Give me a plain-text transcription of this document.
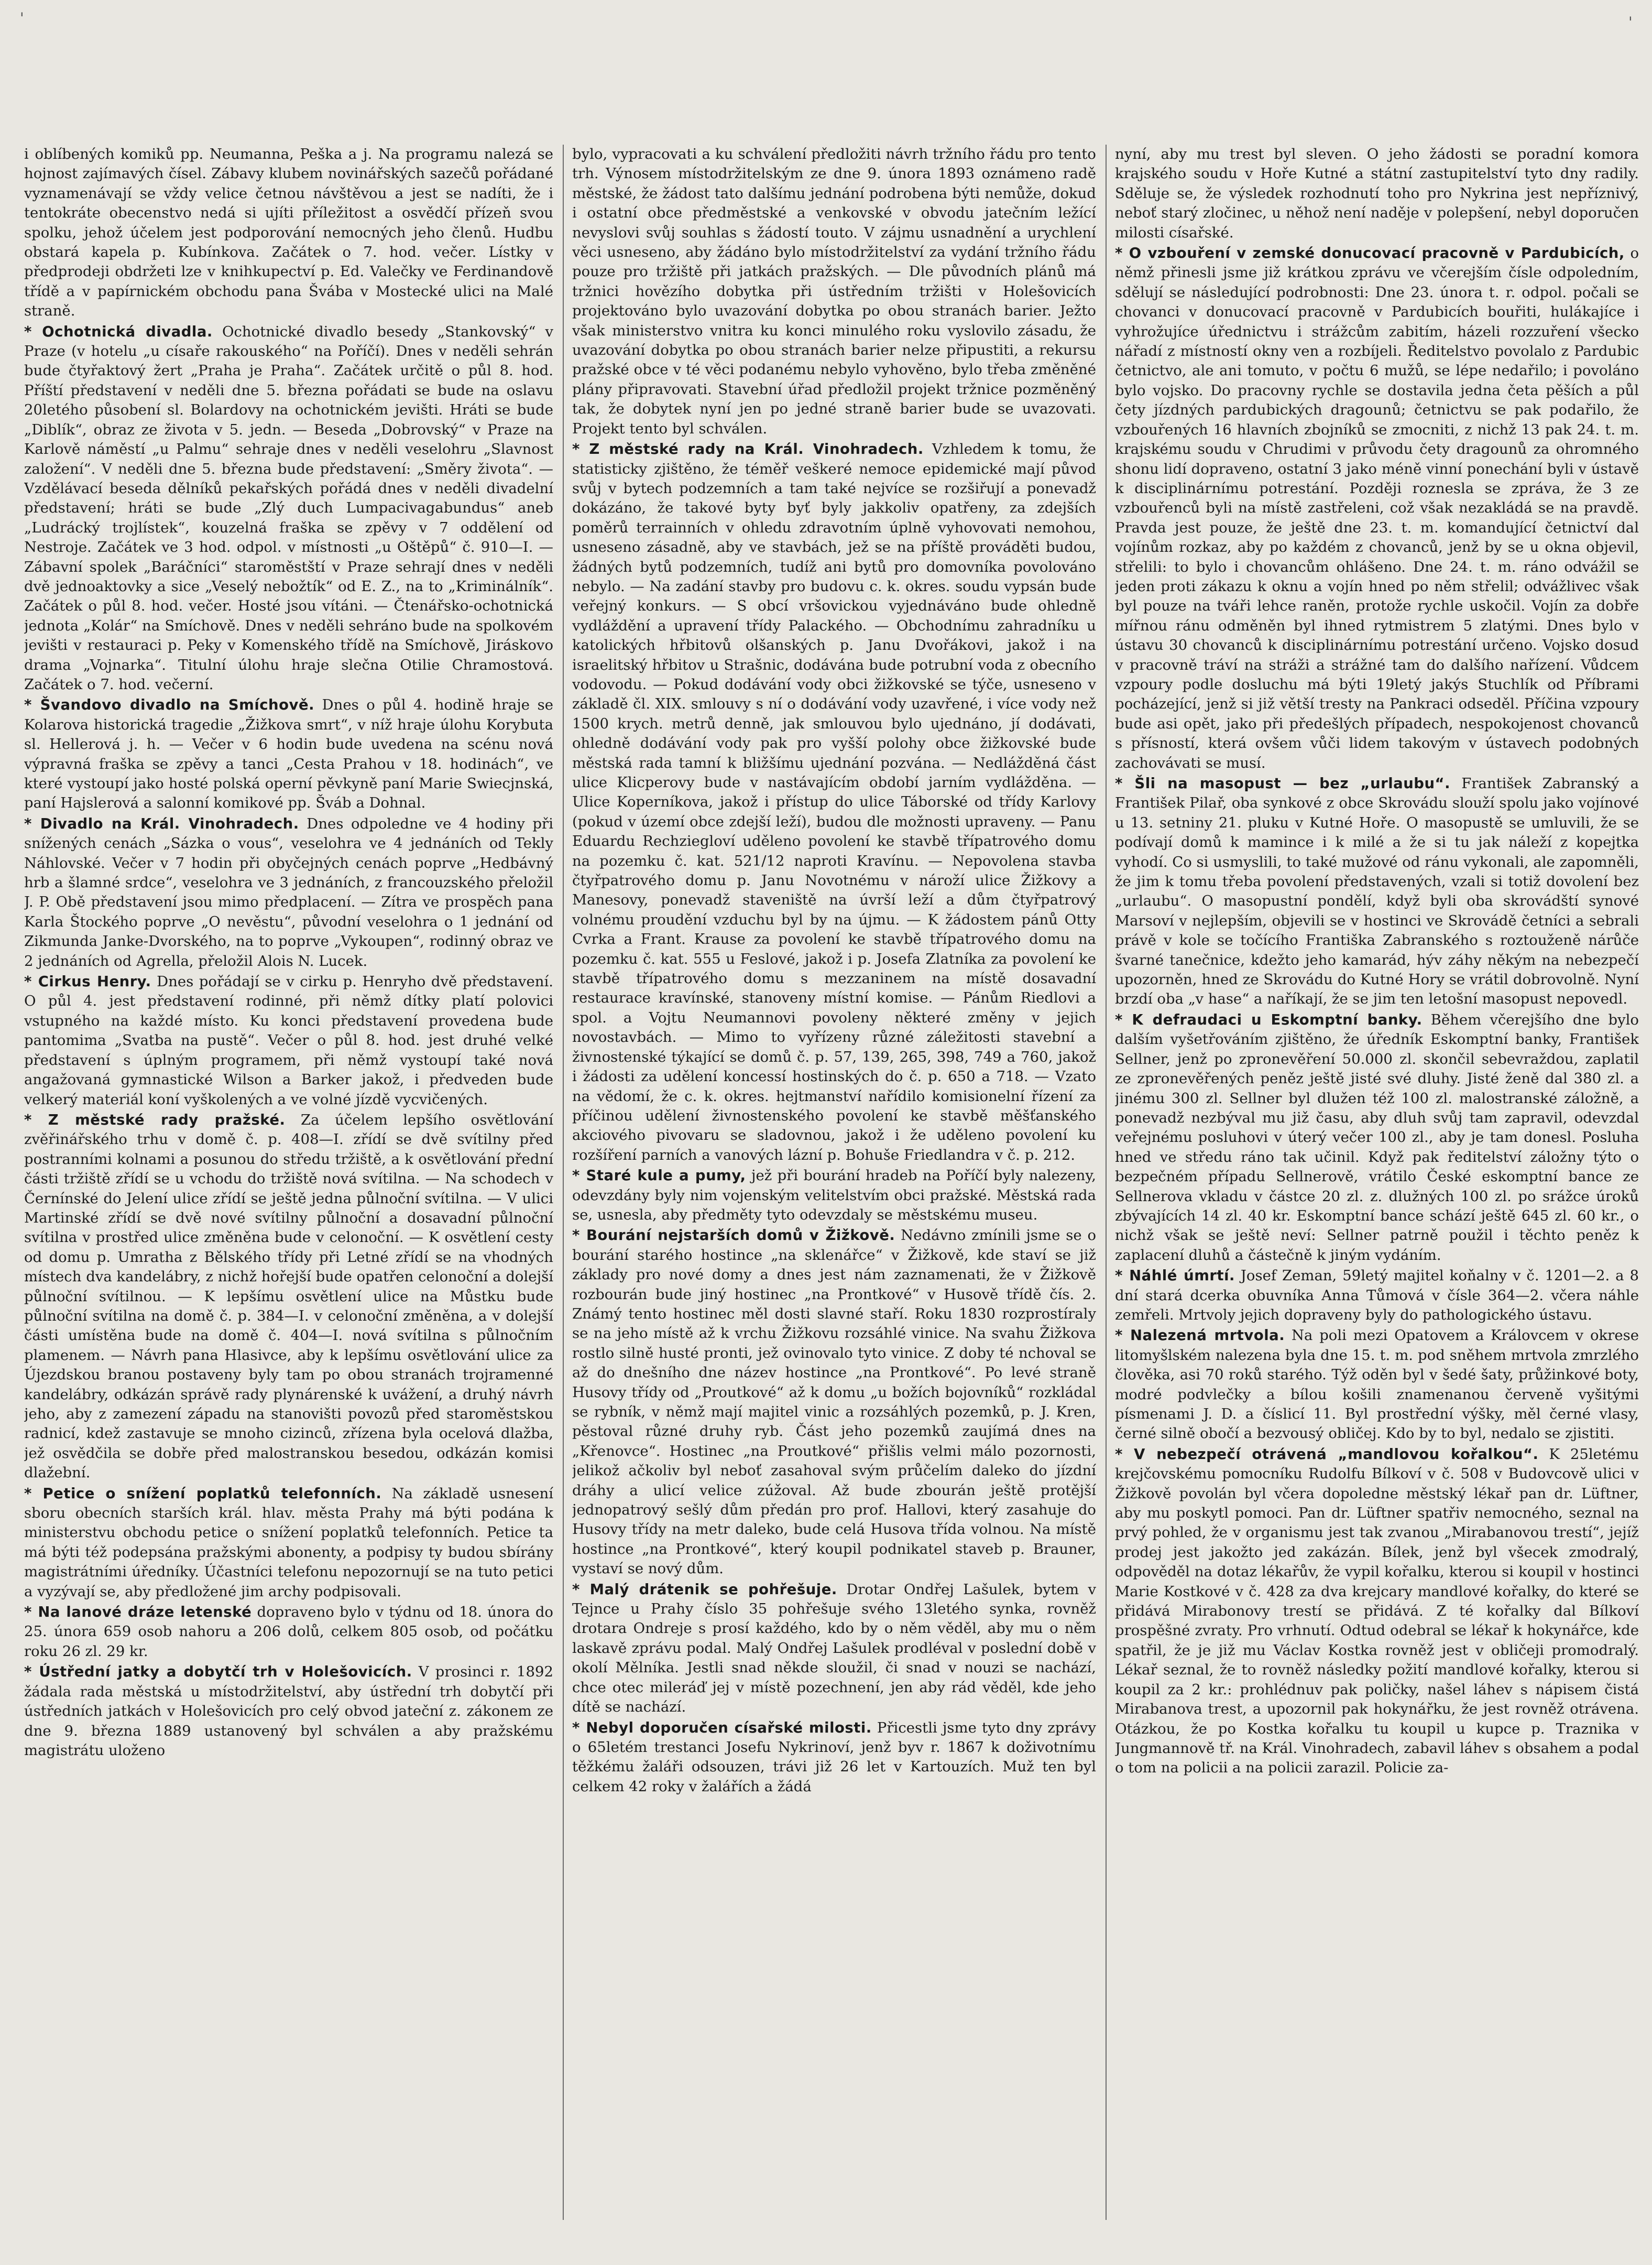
​'	​'

i oblíbených komiků pp. Neumanna, Peška a j. Na programu nalezá se hojnost zajímavých čísel. Zábavy klubem novinářských sazečů pořádané vyznamenávají se vždy velice četnou návštěvou a jest se nadíti, že i tentokráte obecenstvo nedá si ujíti příležitost a osvědčí přízeň svou spolku, jehož účelem jest podporování nemocných jeho členů. Hudbu obstará kapela p. Kubínkova. Začátek o 7. hod. večer. Lístky v předprodeji obdržeti lze v knihkupectví p. Ed. Valečky ve Ferdinandově třídě a v papírnickém obchodu pana Švába v Mostecké ulici na Malé straně.

* Ochotnická divadla. Ochotnické divadlo besedy „Stankovský“ v Praze (v hotelu „u císaře rakouského“ na Poříčí). Dnes v neděli sehrán bude čtyřaktový žert „Praha je Praha“. Začátek určitě o půl 8. hod. Příští představení v neděli dne 5. března pořádati se bude na oslavu 20letého působení sl. Bolardovy na ochotnickém jevišti. Hráti se bude „Diblík“, obraz ze života v 5. jedn. — Beseda „Dobrovský“ v Praze na Karlově náměstí „u Palmu“ sehraje dnes v neděli veselohru „Slavnost založení“. V neděli dne 5. března bude představení: „Směry života“. — Vzdělávací beseda dělníků pekařských pořádá dnes v neděli divadelní představení; hráti se bude „Zlý duch Lumpacivagabundus“ aneb „Ludrácký trojlístek“, kouzelná fraška se zpěvy v 7 oddělení od Nestroje. Začátek ve 3 hod. odpol. v místnosti „u Oštěpů“ č. 910—I. — Zábavní spolek „Baráčníci“ staroměstští v Praze sehrají dnes v neděli dvě jednoaktovky a sice „Veselý nebožtík“ od E. Z., na to „Kriminálník“. Začátek o půl 8. hod. večer. Hosté jsou vítáni. — Čtenářsko-ochotnická jednota „Kolár“ na Smíchově. Dnes v neděli sehráno bude na spolkovém jevišti v restauraci p. Peky v Komenského třídě na Smíchově, Jiráskovo drama „Vojnarka“. Titulní úlohu hraje slečna Otilie Chramostová. Začátek o 7. hod. večerní.

* Švandovo divadlo na Smíchově. Dnes o půl 4. hodině hraje se Kolarova historická tragedie „Žižkova smrt“, v níž hraje úlohu Korybuta sl. Hellerová j. h. — Večer v 6 hodin bude uvedena na scénu nová výpravná fraška se zpěvy a tanci „Cesta Prahou v 18. hodinách“, ve které vystoupí jako hosté polská operní pěvkyně paní Marie Swiecjnská, paní Hajslerová a salonní komikové pp. Šváb a Dohnal.

* Divadlo na Král. Vinohradech. Dnes odpoledne ve 4 hodiny při snížených cenách „Sázka o vous“, veselohra ve 4 jednáních od Tekly Náhlovské. Večer v 7 hodin při obyčejných cenách poprve „Hedbávný hrb a šlamné srdce“, veselohra ve 3 jednáních, z francouzského přeložil J. P. Obě představení jsou mimo předplacení. — Zítra ve prospěch pana Karla Štockého poprve „O nevěstu“, původní veselohra o 1 jednání od Zikmunda Janke-Dvorského, na to poprve „Vykoupen“, rodinný obraz ve 2 jednáních od Agrella, přeložil Alois N. Lucek.

* Cirkus Henry. Dnes pořádají se v cirku p. Henryho dvě představení. O půl 4. jest představení rodinné, při němž dítky platí polovici vstupného na každé místo. Ku konci představení provedena bude pantomima „Svatba na pustě“. Večer o půl 8. hod. jest druhé velké představení s úplným programem, při němž vystoupí také nová angažovaná gymnastické Wilson a Barker jakož, i předveden bude velkerý materiál koní vyškolených a ve volné jízdě vycvičených.

* Z městské rady pražské. Za účelem lepšího osvětlování zvěřinářského trhu v domě č. p. 408—I. zřídí se dvě svítilny před postranními kolnami a posunou do středu tržiště, a k osvětlování přední části tržiště zřídí se u vchodu do tržiště nová svítilna. — Na schodech v Černínské do Jelení ulice zřídí se ještě jedna půlnoční svítilna. — V ulici Martinské zřídí se dvě nové svítilny půlnoční a dosavadní půlnoční svítilna v prostřed ulice změněna bude v celonoční. — K osvětlení cesty od domu p. Umratha z Bělského třídy při Letné zřídí se na vhodných místech dva kandelábry, z nichž hořejší bude opatřen celonoční a dolejší půlnoční svítilnou. — K lepšímu osvětlení ulice na Můstku bude půlnoční svítilna na domě č. p. 384—I. v celonoční změněna, a v dolejší části umístěna bude na domě č. 404—I. nová svítilna s půlnočním plamenem. — Návrh pana Hlasivce, aby k lepšímu osvětlování ulice za Újezdskou branou postaveny byly tam po obou stranách trojramenné kandelábry, odkázán správě rady plynárenské k uvážení, a druhý návrh jeho, aby z zamezení západu na stanovišti povozů před staroměstskou radnicí, kdež zastavuje se mnoho cizinců, zřízena byla ocelová dlažba, jež osvědčila se dobře před malostranskou besedou, odkázán komisi dlažební.

* Petice o snížení poplatků telefonních. Na základě usnesení sboru obecních starších král. hlav. města Prahy má býti podána k ministerstvu obchodu petice o snížení poplatků telefonních. Petice ta má býti též podepsána pražskými abonenty, a podpisy ty budou sbírány magistrátními úředníky. Účastníci telefonu nepozornují se na tuto petici a vyzývají se, aby předložené jim archy podpisovali.

* Na lanové dráze letenské dopraveno bylo v týdnu od 18. února do 25. února 659 osob nahoru a 206 dolů, celkem 805 osob, od počátku roku 26 zl. 29 kr.

* Ústřední jatky a dobytčí trh v Holešovicích. V prosinci r. 1892 žádala rada městská u místodržitelství, aby ústřední trh dobytčí při ústředních jatkách v Holešovicích pro celý obvod jateční z. zákonem ze dne 9. března 1889 ustanovený byl schválen a aby pražskému magistrátu uloženo

bylo, vypracovati a ku schválení předložiti návrh tržního řádu pro tento trh. Výnosem místodržitelským ze dne 9. února 1893 oznámeno radě městské, že žádost tato dalšímu jednání podrobena býti nemůže, dokud i ostatní obce předměstské a venkovské v obvodu jatečním ležící nevyslovi svůj souhlas s žádostí touto. V zájmu usnadnění a urychlení věci usneseno, aby žádáno bylo místodržitelství za vydání tržního řádu pouze pro tržiště při jatkách pražských. — Dle původních plánů má tržnici hovězího dobytka při ústředním tržišti v Holešovicích projektováno bylo uvazování dobytka po obou stranách barier. Ježto však ministerstvo vnitra ku konci minulého roku vyslovilo zásadu, že uvazování dobytka po obou stranách barier nelze připustiti, a rekursu pražské obce v té věci podanému nebylo vyhověno, bylo třeba změněné plány připravovati. Stavební úřad předložil projekt tržnice pozměněný tak, že dobytek nyní jen po jedné straně barier bude se uvazovati. Projekt tento byl schválen.

* Z městské rady na Král. Vinohradech. Vzhledem k tomu, že statisticky zjištěno, že téměř veškeré nemoce epidemické mají původ svůj v bytech podzemních a tam také nejvíce se rozšiřují a ponevadž dokázáno, že takové byty byť byly jakkoliv opatřeny, za zdejších poměrů terrainních v ohledu zdravotním úplně vyhovovati nemohou, usneseno zásadně, aby ve stavbách, jež se na příště prováděti budou, žádných bytů podzemních, tudíž ani bytů pro domovníka povolováno nebylo. — Na zadání stavby pro budovu c. k. okres. soudu vypsán bude veřejný konkurs. — S obcí vršovickou vyjednáváno bude ohledně vydláždění a upravení třídy Palackého. — Obchodnímu zahradníku u katolických hřbitovů olšanských p. Janu Dvořákovi, jakož i na israelitský hřbitov u Strašnic, dodávána bude potrubní voda z obecního vodovodu. — Pokud dodávání vody obci žižkovské se týče, usneseno v základě čl. XIX. smlouvy s ní o dodávání vody uzavřené, i více vody než 1500 krych. metrů denně, jak smlouvou bylo ujednáno, jí dodávati, ohledně dodávání vody pak pro vyšší polohy obce žižkovské bude městská rada tamní k bližšímu ujednání pozvána. — Nedlážděná část ulice Klicperovy bude v nastávajícím období jarním vydlážděna. — Ulice Koperníkova, jakož i přístup do ulice Táborské od třídy Karlovy (pokud v území obce zdejší leží), budou dle možnosti upraveny. — Panu Eduardu Rechziegloví uděleno povolení ke stavbě třípatrového domu na pozemku č. kat. 521/12 naproti Kravínu. — Nepovolena stavba čtyřpatrového domu p. Janu Novotnému v nároží ulice Žižkovy a Manesovy, ponevadž staveniště na úvrší leží a dům čtyřpatrový volnému proudění vzduchu byl by na újmu. — K žádostem pánů Otty Cvrka a Frant. Krause za povolení ke stavbě třípatrového domu na pozemku č. kat. 555 u Feslové, jakož i p. Josefa Zlatníka za povolení ke stavbě třípatrového domu s mezzaninem na místě dosavadní restaurace kravínské, stanoveny místní komise. — Pánům Riedlovi a spol. a Vojtu Neumannovi povoleny některé změny v jejich novostavbách. — Mimo to vyřízeny různé záležitosti stavební a živnostenské týkající se domů č. p. 57, 139, 265, 398, 749 a 760, jakož i žádosti za udělení koncessí hostinských do č. p. 650 a 718. — Vzato na vědomí, že c. k. okres. hejtmanství nařídilo komisionelní řízení za příčinou udělení živnostenského povolení ke stavbě měšťanského akciového pivovaru se sladovnou, jakož i že uděleno povolení ku rozšíření parních a vanových lázní p. Bohuše Friedlandra v č. p. 212.

* Staré kule a pumy, jež při bourání hradeb na Poříčí byly nalezeny, odevzdány byly nim vojenským velitelstvím obci pražské. Městská rada se, usnesla, aby předměty tyto odevzdaly se městskému museu.

* Bourání nejstarších domů v Žižkově. Nedávno zmínili jsme se o bourání starého hostince „na sklenářce“ v Žižkově, kde staví se již základy pro nové domy a dnes jest nám zaznamenati, že v Žižkově rozbourán bude jiný hostinec „na Prontkové“ v Husově třídě čís. 2. Známý tento hostinec měl dosti slavné staří. Roku 1830 rozprostíraly se na jeho místě až k vrchu Žižkovu rozsáhlé vinice. Na svahu Žižkova rostlo silně husté pronti, jež ovinovalo tyto vinice. Z doby té nchoval se až do dnešního dne název hostince „na Prontkové“. Po levé straně Husovy třídy od „Proutkové“ až k domu „u božích bojovníků“ rozkládal se rybník, v němž mají majitel vinic a rozsáhlých pozemků, p. J. Kren, pěstoval různé druhy ryb. Část jeho pozemků zaujímá dnes na „Křenovce“. Hostinec „na Proutkové“ přišlis velmi málo pozornosti, jelikož ačkoliv byl neboť zasahoval svým průčelím daleko do jízdní dráhy a ulicí velice zúžoval. Až bude zbourán ještě protější jednopatrový sešlý dům předán pro prof. Hallovi, který zasahuje do Husovy třídy na metr daleko, bude celá Husova třída volnou. Na místě hostince „na Prontkové“, který koupil podnikatel staveb p. Brauner, vystaví se nový dům.

* Malý drátenik se pohřešuje. Drotar Ondřej Lašulek, bytem v Tejnce u Prahy číslo 35 pohřešuje svého 13letého synka, rovněž drotara Ondreje s prosí každého, kdo by o něm věděl, aby mu o něm laskavě zprávu podal. Malý Ondřej Lašulek prodléval v poslední době v okolí Mělníka. Jestli snad někde sloužil, či snad v nouzi se nachází, chce otec mileráď jej v místě pozechnení, jen aby rád věděl, kde jeho dítě se nachází.

* Nebyl doporučen císařské milosti. Přicestli jsme tyto dny zprávy o 65letém trestanci Josefu Nykrinoví, jenž byv r. 1867 k doživotnímu těžkému žaláři odsouzen, trávi již 26 let v Kartouzích. Muž ten byl celkem 42 roky v žalářích a žádá

nyní, aby mu trest byl sleven. O jeho žádosti se poradní komora krajského soudu v Hoře Kutné a státní zastupitelství tyto dny radily. Sděluje se, že výsledek rozhodnutí toho pro Nykrina jest nepříznivý, neboť starý zločinec, u něhož není naděje v polepšení, nebyl doporučen milosti císařské.

* O vzbouření v zemské donucovací pracovně v Pardubicích, o němž přinesli jsme již krátkou zprávu ve včerejším čísle odpoledním, sdělují se následující podrobnosti: Dne 23. února t. r. odpol. počali se chovanci v donucovací pracovně v Pardubicích bouřiti, hulákajíce i vyhrožujíce úřednictvu i strážcům zabitím, házeli rozzuření všecko nářadí z místností okny ven a rozbíjeli. Ředitelstvo povolalo z Pardubic četnictvo, ale ani tomuto, v počtu 6 mužů, se lépe nedařilo; i povoláno bylo vojsko. Do pracovny rychle se dostavila jedna četa pěších a půl čety jízdných pardubických dragounů; četnictvu se pak podařilo, že vzbouřených 16 hlavních zbojníků se zmocniti, z nichž 13 pak 24. t. m. krajskému soudu v Chrudimi v průvodu čety dragounů za ohromného shonu lidí dopraveno, ostatní 3 jako méně vinní ponechání byli v ústavě k disciplinárnímu potrestání. Později roznesla se zpráva, že 3 ze vzbouřenců byli na místě zastřeleni, což však nezakládá se na pravdě. Pravda jest pouze, že ještě dne 23. t. m. komandující četnictví dal vojínům rozkaz, aby po každém z chovanců, jenž by se u okna objevil, střelili: to bylo i chovancům ohlášeno. Dne 24. t. m. ráno odvážil se jeden proti zákazu k oknu a vojín hned po něm střelil; odvážlivec však byl pouze na tváři lehce raněn, protože rychle uskočil. Vojín za dobře mířnou ránu odměněn byl ihned rytmistrem 5 zlatými. Dnes bylo v ústavu 30 chovanců k disciplinárnímu potrestání určeno. Vojsko dosud v pracovně tráví na stráži a strážné tam do dalšího nařízení. Vůdcem vzpoury podle dosluchu má býti 19letý jakýs Stuchlík od Příbrami pocházející, jenž si již větší tresty na Pankraci odseděl. Příčina vzpoury bude asi opět, jako při předešlých případech, nespokojenost chovanců s přísností, která ovšem vůči lidem takovým v ústavech podobných zachovávati se musí.

* Šli na masopust — bez „urlaubu“. František Zabranský a František Pilař, oba synkové z obce Skrovádu slouží spolu jako vojínové u 13. setniny 21. pluku v Kutné Hoře. O masopustě se umluvili, že se podívají domů k mamince i k milé a že si tu jak náleží z kopejtka vyhodí. Co si usmyslili, to také mužové od ránu vykonali, ale zapomněli, že jim k tomu třeba povolení představených, vzali si totiž dovolení bez „urlaubu“. O masopustní pondělí, když byli oba skrovádští synové Marsoví v nejlepším, objevili se v hostinci ve Skrovádě četníci a sebrali právě v kole se točícího Františka Zabranského s roztouženě nárůče švarné tanečnice, kdežto jeho kamarád, hýv záhy někým na nebezpečí upozorněn, hned ze Skrovádu do Kutné Hory se vrátil dobrovolně. Nyní brzdí oba „v hase“ a naříkají, že se jim ten letošní masopust nepovedl.

* K defraudaci u Eskomptní banky. Během včerejšího dne bylo dalším vyšetřováním zjištěno, že úředník Eskomptní banky, František Sellner, jenž po zpronevěření 50.000 zl. skončil sebevraždou, zaplatil ze zpronevěřených peněz ještě jisté své dluhy. Jisté ženě dal 380 zl. a jinému 300 zl. Sellner byl dlužen též 100 zl. malostranské záložně, a ponevadž nezbýval mu již času, aby dluh svůj tam zapravil, odevzdal veřejnému posluhovi v úterý večer 100 zl., aby je tam donesl. Posluha hned ve středu ráno tak učinil. Když pak ředitelství záložny týto o bezpečném případu Sellnerově, vrátilo České eskomptní bance ze Sellnerova vkladu v částce 20 zl. z. dlužných 100 zl. po srážce úroků zbývajících 14 zl. 40 kr. Eskomptní bance schází ještě 645 zl. 60 kr., o nichž však se ještě neví: Sellner patrně použil i těchto peněz k zaplacení dluhů a částečně k jiným vydáním.

* Náhlé úmrtí. Josef Zeman, 59letý majitel koňalny v č. 1201—2. a 8 dní stará dcerka obuvníka Anna Tůmová v čísle 364—2. včera náhle zemřeli. Mrtvoly jejich dopraveny byly do pathologického ústavu.

* Nalezená mrtvola. Na poli mezi Opatovem a Královcem v okrese litomyšlském nalezena byla dne 15. t. m. pod sněhem mrtvola zmrzlého člověka, asi 70 roků starého. Týž oděn byl v šedé šaty, průžinkové boty, modré podvlečky a bílou košili znamenanou červeně vyšitými písmenami J. D. a číslicí 11. Byl prostřední výšky, měl černé vlasy, černé silně obočí a bezvousý obličej. Kdo by to byl, nedalo se zjistiti.

* V nebezpečí otrávená „mandlovou kořalkou“. K 25letému krejčovskému pomocníku Rudolfu Bílkoví v č. 508 v Budovcově ulici v Žižkově povolán byl včera dopoledne městský lékař pan dr. Lüftner, aby mu poskytl pomoci. Pan dr. Lüftner spatřiv nemocného, seznal na prvý pohled, že v organismu jest tak zvanou „Mirabanovou trestí“, jejíž prodej jest jakožto jed zakázán. Bílek, jenž byl všecek zmodralý, odpověděl na dotaz lékařův, že vypil kořalku, kterou si koupil v hostinci Marie Kostkové v č. 428 za dva krejcary mandlové kořalky, do které se přidává Mirabonovy trestí se přidává. Z té kořalky dal Bílkoví prospěšné zvraty. Pro vrhnutí. Odtud odebral se lékař k hokynářce, kde spatřil, že je již mu Václav Kostka rovněž jest v obličeji promodralý. Lékař seznal, že to rovněž následky požití mandlové kořalky, kterou si koupil za 2 kr.: prohlédnuv pak poličky, našel láhev s nápisem čistá Mirabanova trest, a upozornil pak hokynářku, že jest rovněž otrávena. Otázkou, že po Kostka kořalku tu koupil u kupce p. Traznika v Jungmannově tř. na Král. Vinohradech, zabavil láhev s obsahem a podal o tom na policii a na policii zarazil. Policie za-
